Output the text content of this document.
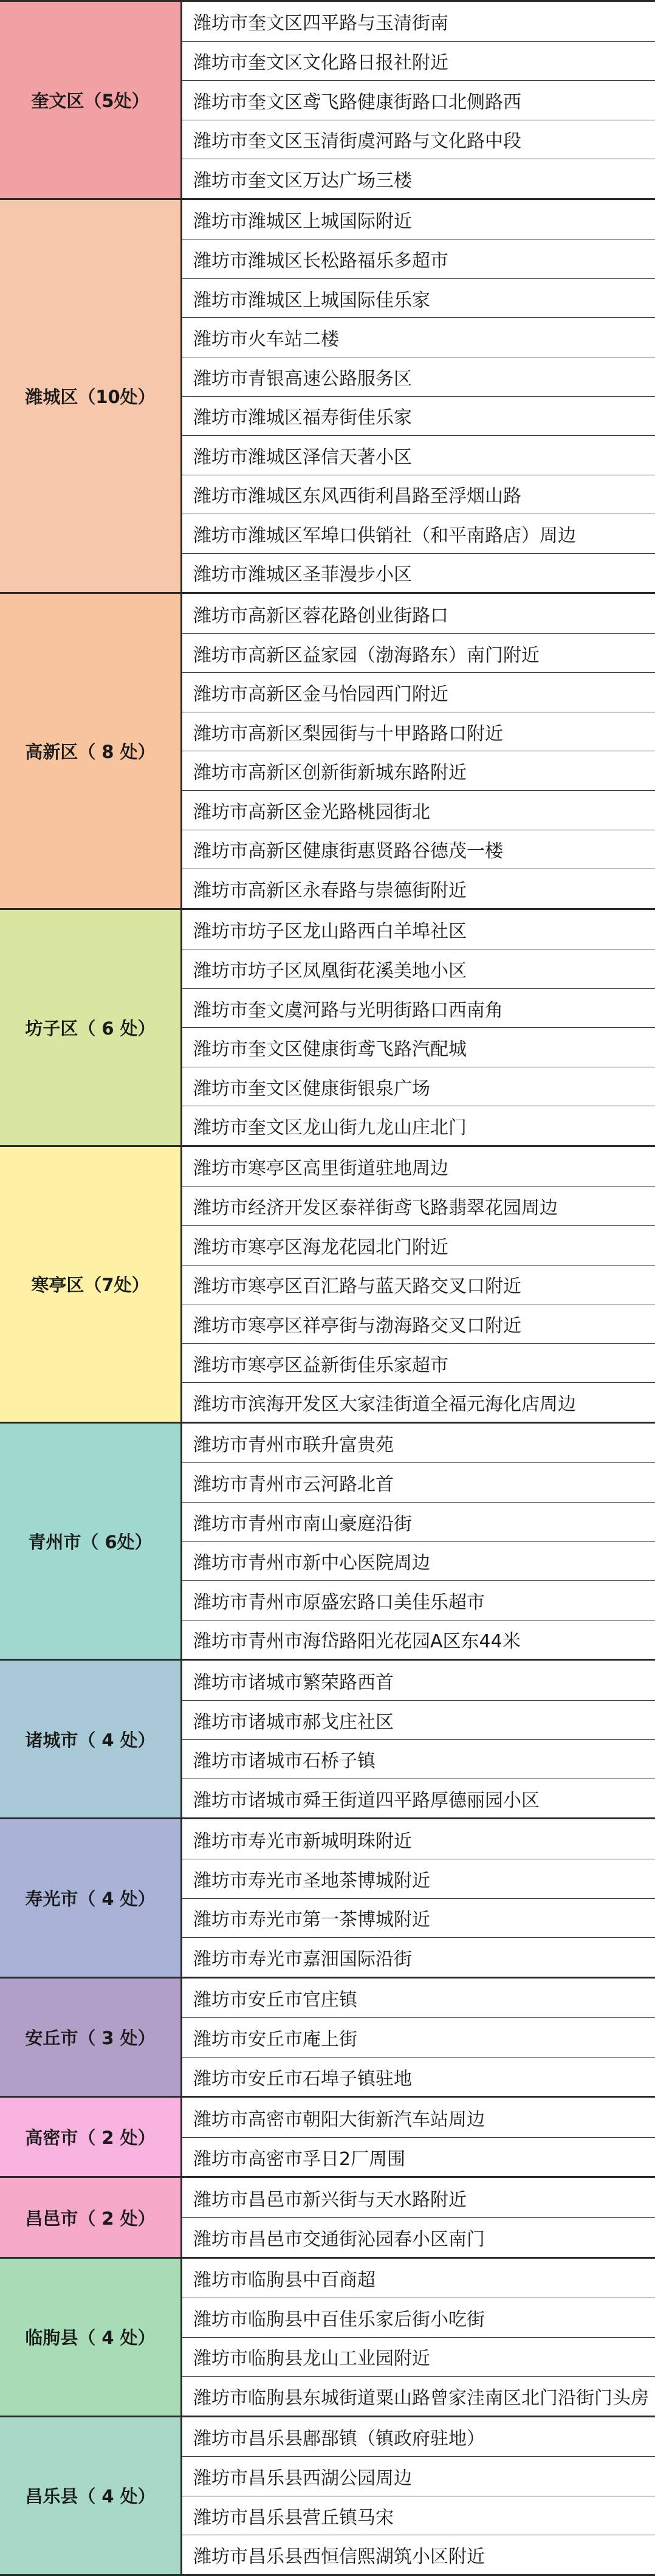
奎文区（5处）
潍坊市奎文区四平路与玉清街南
潍坊市奎文区文化路日报社附近
潍坊市奎文区鸢飞路健康街路口北侧路西
潍坊市奎文区玉清街虞河路与文化路中段
潍坊市奎文区万达广场三楼
潍城区（10处）
潍坊市潍城区上城国际附近
潍坊市潍城区长松路福乐多超市
潍坊市潍城区上城国际佳乐家
潍坊市火车站二楼
潍坊市青银高速公路服务区
潍坊市潍城区福寿街佳乐家
潍坊市潍城区泽信天著小区
潍坊市潍城区东风西街利昌路至浮烟山路
潍坊市潍城区军埠口供销社（和平南路店）周边
潍坊市潍城区圣菲漫步小区
高新区（ 8 处）
潍坊市高新区蓉花路创业街路口
潍坊市高新区益家园（渤海路东）南门附近
潍坊市高新区金马怡园西门附近
潍坊市高新区梨园街与十甲路路口附近
潍坊市高新区创新街新城东路附近
潍坊市高新区金光路桃园街北
潍坊市高新区健康街惠贤路谷德茂一楼
潍坊市高新区永春路与崇德街附近
坊子区（ 6 处）
潍坊市坊子区龙山路西白羊埠社区
潍坊市坊子区凤凰街花溪美地小区
潍坊市奎文虞河路与光明街路口西南角
潍坊市奎文区健康街鸢飞路汽配城
潍坊市奎文区健康街银泉广场
潍坊市奎文区龙山街九龙山庄北门
寒亭区（7处）
潍坊市寒亭区高里街道驻地周边
潍坊市经济开发区泰祥街鸢飞路翡翠花园周边
潍坊市寒亭区海龙花园北门附近
潍坊市寒亭区百汇路与蓝天路交叉口附近
潍坊市寒亭区祥亭街与渤海路交叉口附近
潍坊市寒亭区益新街佳乐家超市
潍坊市滨海开发区大家洼街道全福元海化店周边
青州市（ 6处）
潍坊市青州市联升富贵苑
潍坊市青州市云河路北首
潍坊市青州市南山豪庭沿街
潍坊市青州市新中心医院周边
潍坊市青州市原盛宏路口美佳乐超市
潍坊市青州市海岱路阳光花园A区东44米
诸城市（ 4 处）
潍坊市诸城市繁荣路西首
潍坊市诸城市郝戈庄社区
潍坊市诸城市石桥子镇
潍坊市诸城市舜王街道四平路厚德丽园小区
寿光市（ 4 处）
潍坊市寿光市新城明珠附近
潍坊市寿光市圣地茶博城附近
潍坊市寿光市第一茶博城附近
潍坊市寿光市嘉沺国际沿街
安丘市（ 3 处）
潍坊市安丘市官庄镇
潍坊市安丘市庵上街
潍坊市安丘市石埠子镇驻地
高密市（ 2 处）
潍坊市高密市朝阳大街新汽车站周边
潍坊市高密市孚日2厂周围
昌邑市（ 2 处）
潍坊市昌邑市新兴街与天水路附近
潍坊市昌邑市交通街沁园春小区南门
临朐县（ 4 处）
潍坊市临朐县中百商超
潍坊市临朐县中百佳乐家后街小吃街
潍坊市临朐县龙山工业园附近
潍坊市临朐县东城街道粟山路曾家洼南区北门沿街门头房
昌乐县（ 4 处）
潍坊市昌乐县鄌郚镇（镇政府驻地）
潍坊市昌乐县西湖公园周边
潍坊市昌乐县营丘镇马宋
潍坊市昌乐县西恒信熙湖筑小区附近
